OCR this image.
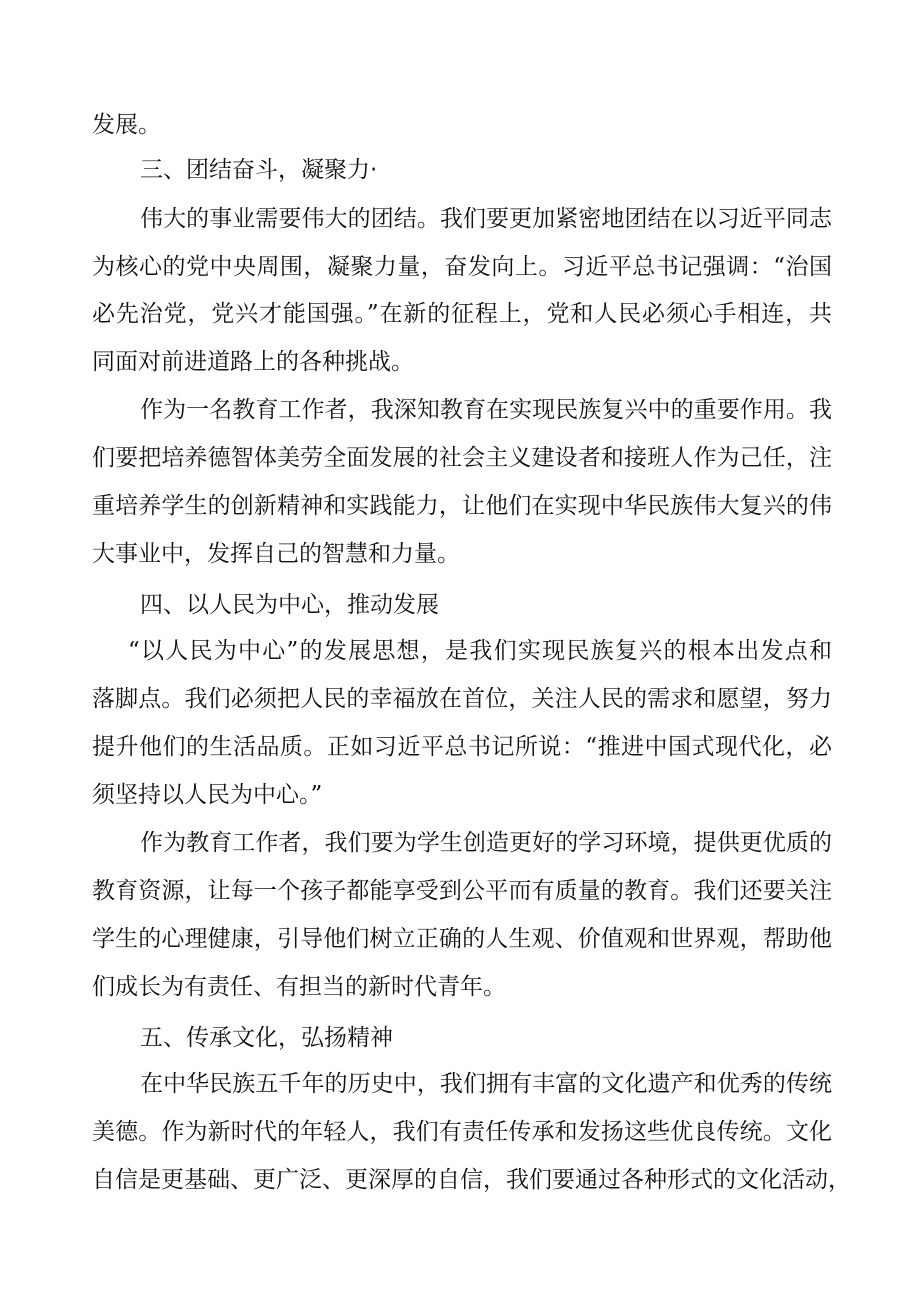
发展。
三、团结奋斗，凝聚力·
伟大的事业需要伟大的团结。我们要更加紧密地团结在以习近平同志
为核心的党中央周围，凝聚力量，奋发向上。习近平总书记强调：“治国
必先治党，党兴才能国强。”在新的征程上，党和人民必须心手相连，共
同面对前进道路上的各种挑战。
作为一名教育工作者，我深知教育在实现民族复兴中的重要作用。我
们要把培养德智体美劳全面发展的社会主义建设者和接班人作为己任，注
重培养学生的创新精神和实践能力，让他们在实现中华民族伟大复兴的伟
大事业中，发挥自己的智慧和力量。
四、以人民为中心，推动发展
“以人民为中心”的发展思想，是我们实现民族复兴的根本出发点和
落脚点。我们必须把人民的幸福放在首位，关注人民的需求和愿望，努力
提升他们的生活品质。正如习近平总书记所说：“推进中国式现代化，必
须坚持以人民为中心。”
作为教育工作者，我们要为学生创造更好的学习环境，提供更优质的
教育资源，让每一个孩子都能享受到公平而有质量的教育。我们还要关注
学生的心理健康，引导他们树立正确的人生观、价值观和世界观，帮助他
们成长为有责任、有担当的新时代青年。
五、传承文化，弘扬精神
在中华民族五千年的历史中，我们拥有丰富的文化遗产和优秀的传统
美德。作为新时代的年轻人，我们有责任传承和发扬这些优良传统。文化
自信是更基础、更广泛、更深厚的自信，我们要通过各种形式的文化活动，
